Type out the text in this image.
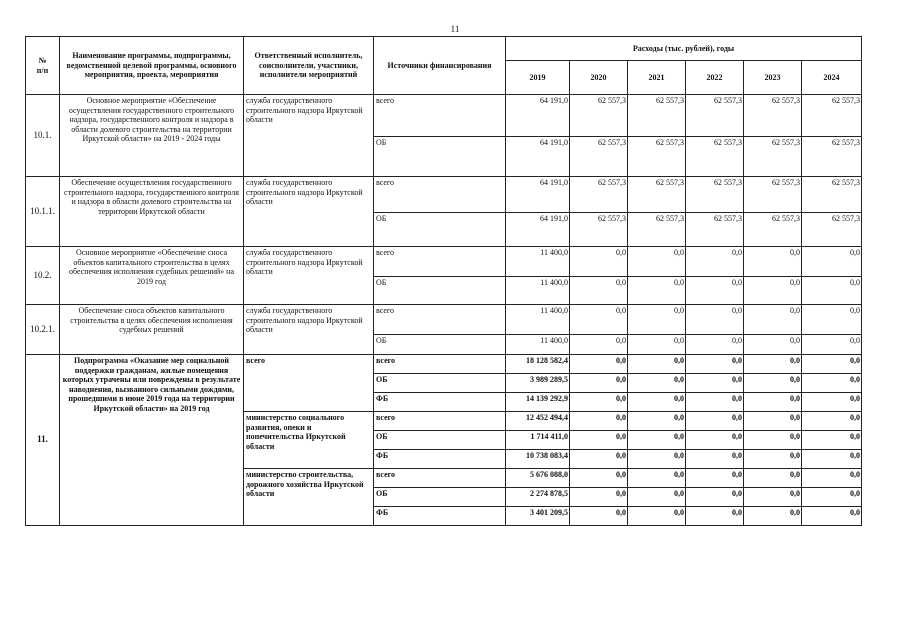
11
№
п/п	Наименование программы, подпрограммы, ведомственной целевой программы, основного мероприятия, проекта, мероприятия	Ответственный исполнитель, соисполнители, участники, исполнители мероприятий	Источники финансирования	Расходы (тыс. рублей), годы					
				2019	2020	2021	2022	2023	2024
10.1.	Основное мероприятие «Обеспечение осуществления государственного строительного надзора, государственного контроля и надзора в области долевого строительства на территории Иркутской области» на 2019 - 2024 годы	служба государственного строительного надзора Иркутской области	всего	64 191,0	62 557,3	62 557,3	62 557,3	62 557,3	62 557,3
			ОБ	64 191,0	62 557,3	62 557,3	62 557,3	62 557,3	62 557,3
10.1.1.	Обеспечение осуществления государственного строительного надзора, государственного контроля и надзора в области долевого строительства на территории Иркутской области	служба государственного строительного надзора Иркутской области	всего	64 191,0	62 557,3	62 557,3	62 557,3	62 557,3	62 557,3
			ОБ	64 191,0	62 557,3	62 557,3	62 557,3	62 557,3	62 557,3
10.2.	Основное мероприятие «Обеспечение сноса объектов капитального строительства в целях обеспечения исполнения судебных решений» на 2019 год	служба государственного строительного надзора Иркутской области	всего	11 400,0	0,0	0,0	0,0	0,0	0,0
			ОБ	11 400,0	0,0	0,0	0,0	0,0	0,0
10.2.1.	Обеспечение сноса объектов капитального строительства в целях обеспечения исполнения судебных решений	служба государственного строительного надзора Иркутской области	всего	11 400,0	0,0	0,0	0,0	0,0	0,0
			ОБ	11 400,0	0,0	0,0	0,0	0,0	0,0
11.	Подпрограмма «Оказание мер социальной поддержки гражданам, жилые помещения которых утрачены или повреждены в результате наводнения, вызванного сильными дождями, прошедшими в июне 2019 года на территории Иркутской области» на 2019 год	всего	всего	18 128 582,4	0,0	0,0	0,0	0,0	0,0
			ОБ	3 989 289,5	0,0	0,0	0,0	0,0	0,0
			ФБ	14 139 292,9	0,0	0,0	0,0	0,0	0,0
		министерство социального развития, опеки и попечительства Иркутской области	всего	12 452 494,4	0,0	0,0	0,0	0,0	0,0
			ОБ	1 714 411,0	0,0	0,0	0,0	0,0	0,0
			ФБ	10 738 083,4	0,0	0,0	0,0	0,0	0,0
		министерство строительства, дорожного хозяйства Иркутской области	всего	5 676 088,0	0,0	0,0	0,0	0,0	0,0
			ОБ	2 274 878,5	0,0	0,0	0,0	0,0	0,0
			ФБ	3 401 209,5	0,0	0,0	0,0	0,0	0,0
